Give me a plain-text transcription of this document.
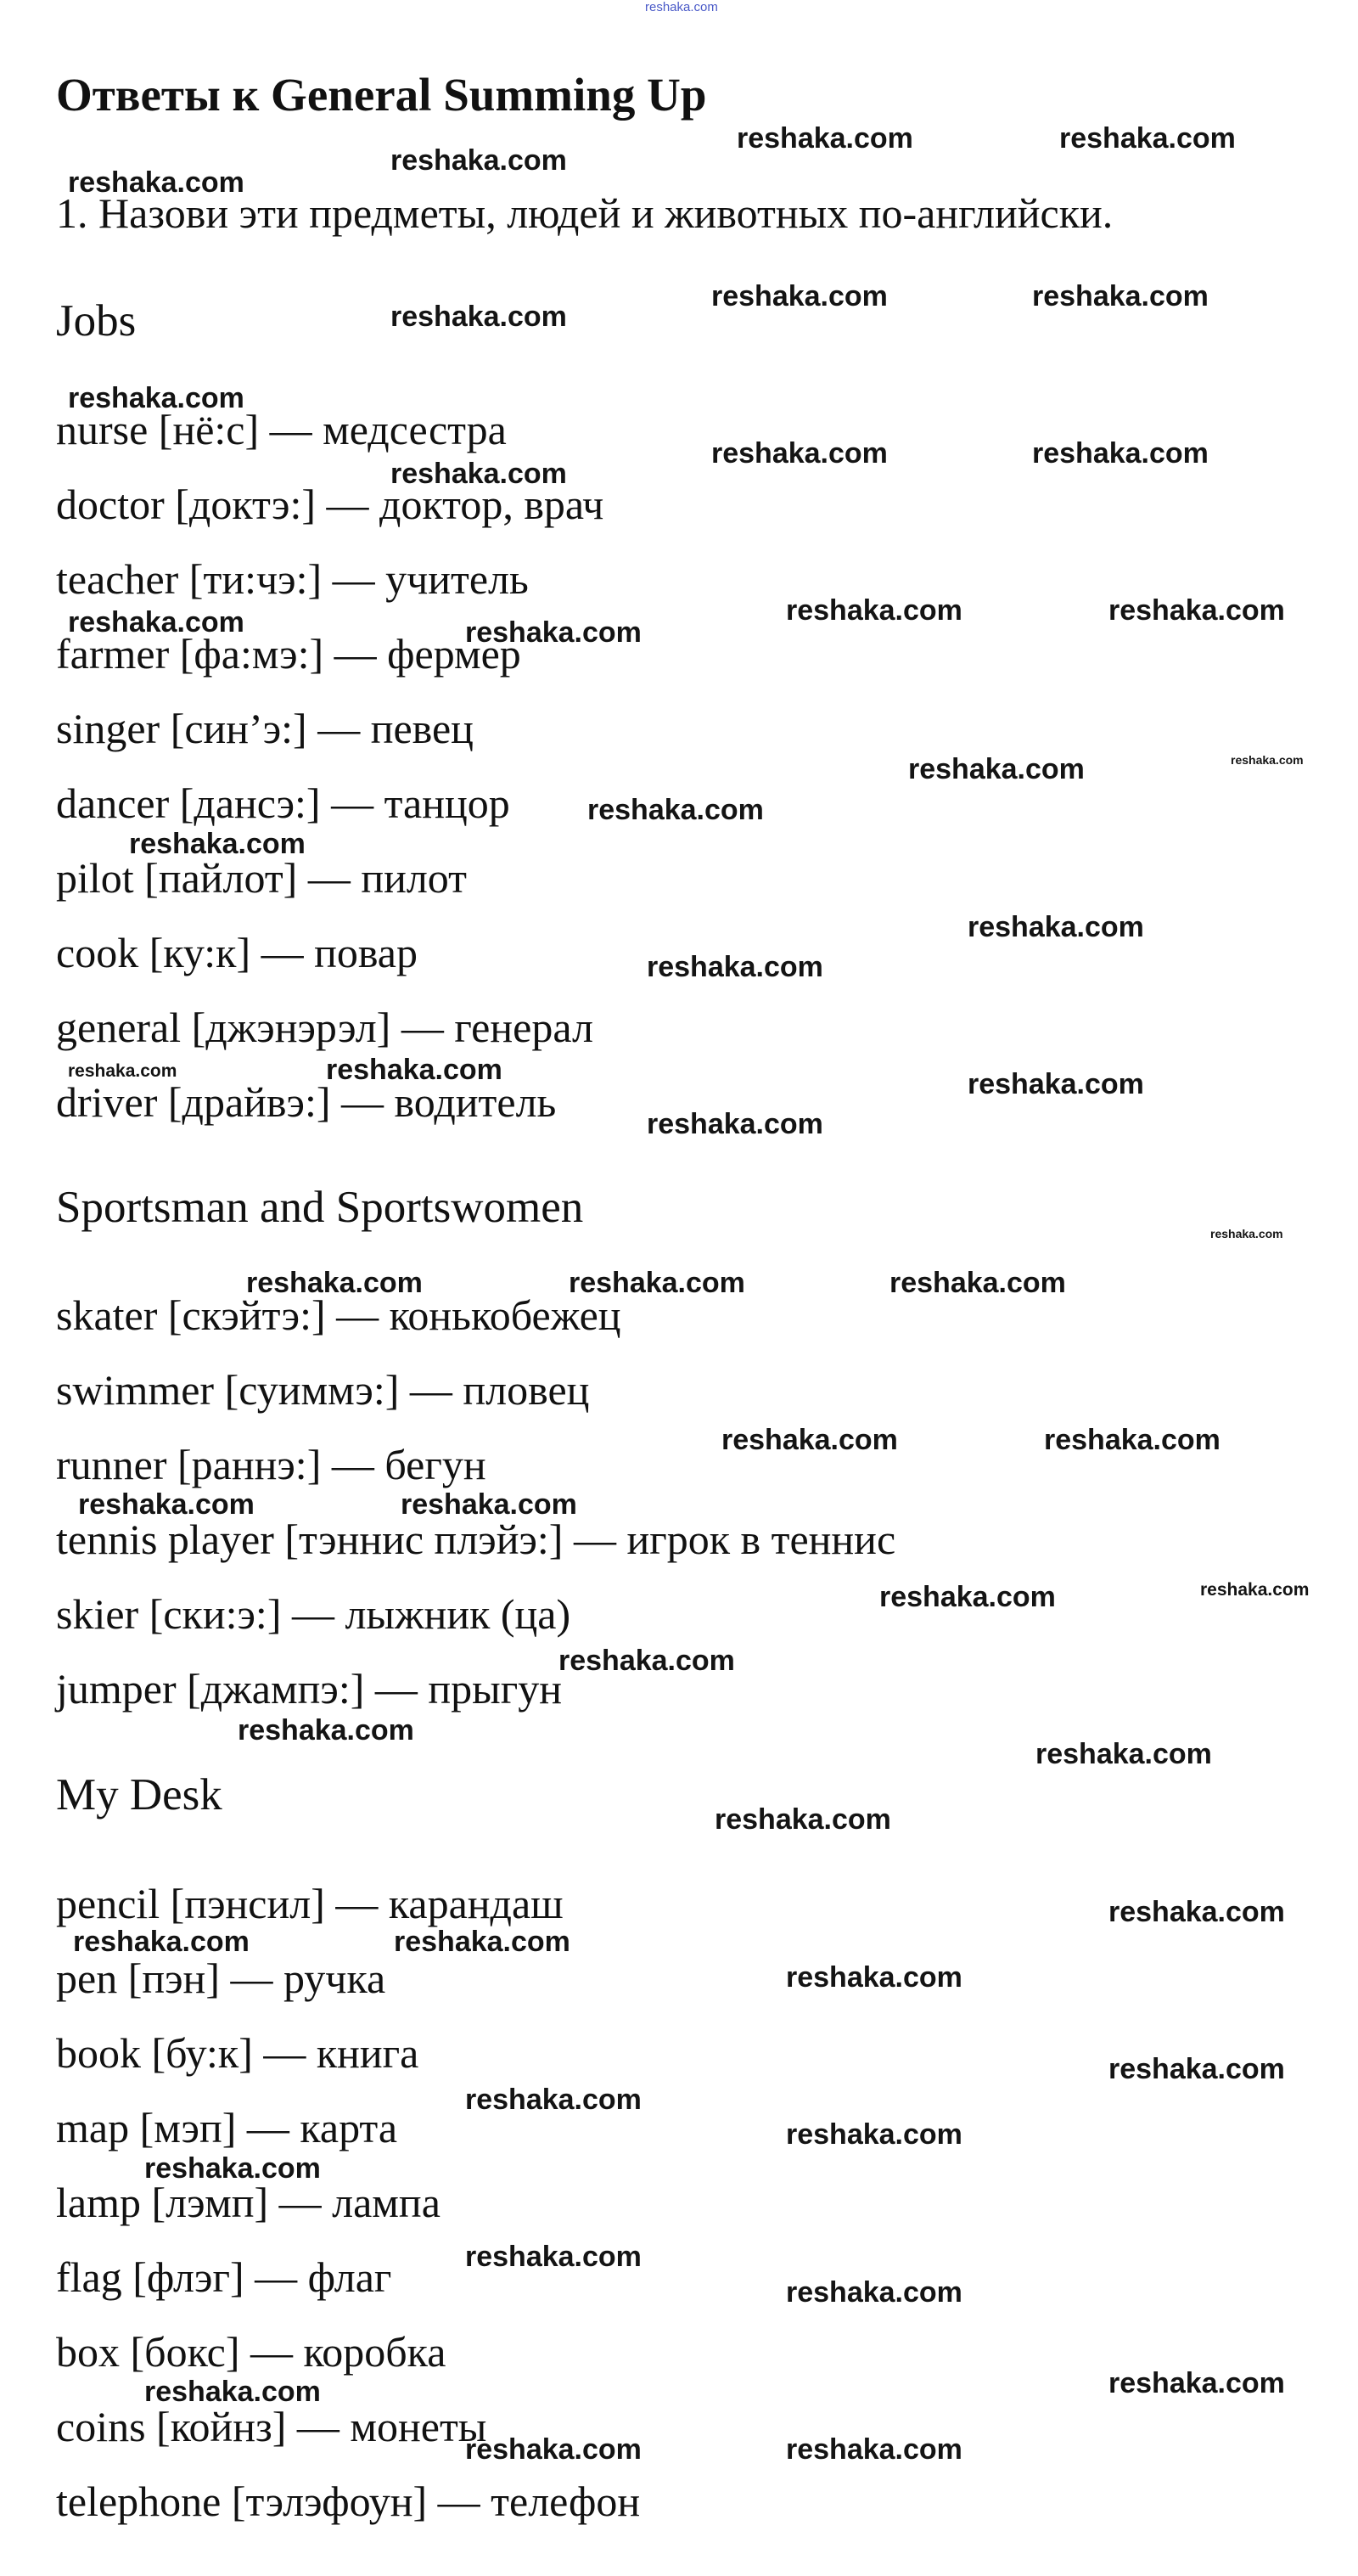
reshaka.com
Ответы к General Summing Up

1. Назови эти предметы, людей и животных по-английски.

Jobs
nurse [нё:с] — медсестра
doctor [доктэ:] — доктор, врач
teacher [ти:чэ:] — учитель
farmer [фа:мэ:] — фермер
singer [син’э:] — певец
dancer [дансэ:] — танцор
pilot [пайлот] — пилот
cook [ку:к] — повар
general [джэнэрэл] — генерал
driver [драйвэ:] — водитель
Sportsman and Sportswomen
skater [скэйтэ:] — конькобежец
swimmer [суиммэ:] — пловец
runner [раннэ:] — бегун
tennis player [тэннис плэйэ:] — игрок в теннис
skier [ски:э:] — лыжник (ца)
jumper [джампэ:] — прыгун
My Desk
pencil [пэнсил] — карандаш
pen [пэн] — ручка
book [бу:к] — книга
map [мэп] — карта
lamp [лэмп] — лампа
flag [флэг] — флаг
box [бокс] — коробка
coins [койнз] — монеты
telephone [тэлэфоун] — телефон
reshaka.com	reshaka.com
reshaka.com
reshaka.com
reshaka.com	reshaka.com
reshaka.com
reshaka.com
reshaka.com	reshaka.com
reshaka.com
reshaka.com	reshaka.com
reshaka.com	reshaka.com
reshaka.com	reshaka.com
reshaka.com
reshaka.com
reshaka.com
reshaka.com
reshaka.com
reshaka.com	reshaka.com
reshaka.com
reshaka.com
reshaka.com	reshaka.com	reshaka.com
reshaka.com	reshaka.com
reshaka.com	reshaka.com
reshaka.com	reshaka.com
reshaka.com
reshaka.com
reshaka.com
reshaka.com
reshaka.com
reshaka.com	reshaka.com
reshaka.com
reshaka.com
reshaka.com
reshaka.com
reshaka.com
reshaka.com
reshaka.com
reshaka.com
reshaka.com
reshaka.com
reshaka.com
